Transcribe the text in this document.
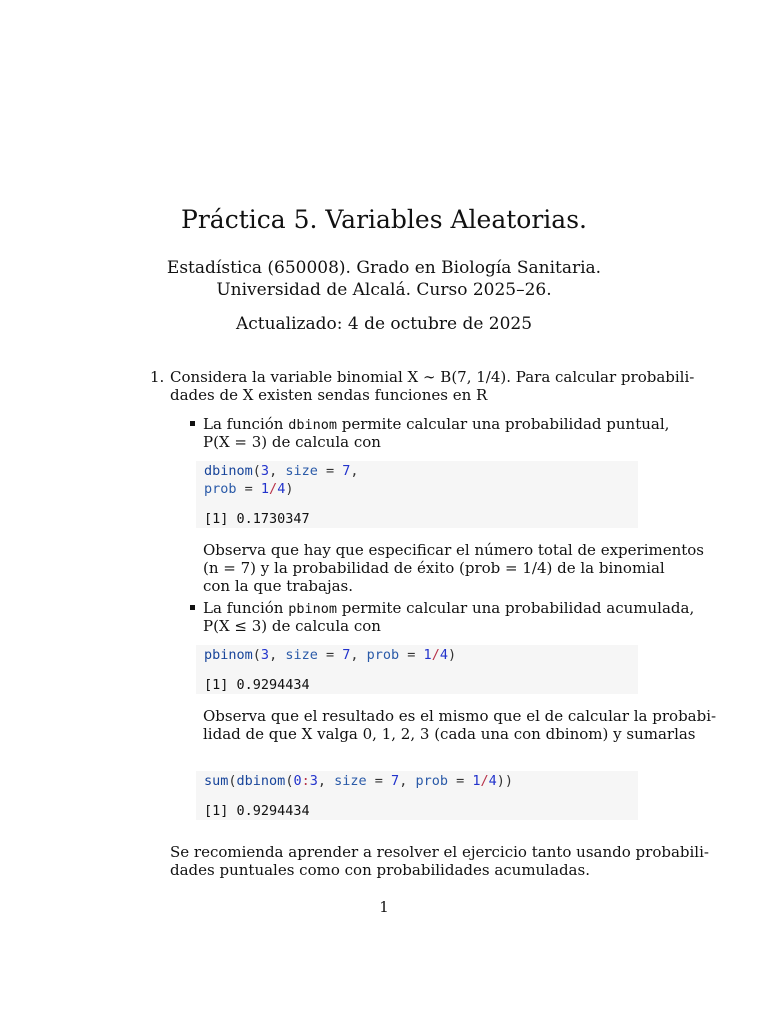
Práctica 5. Variables Aleatorias.
Estadística (650008). Grado en Biología Sanitaria.
Universidad de Alcalá. Curso 2025–26.
Actualizado: 4 de octubre de 2025
1. Considera la variable binomial X ∼ B(7, 1/4). Para calcular probabili-
dades de X existen sendas funciones en R
La función dbinom permite calcular una probabilidad puntual,
P(X = 3) de calcula con
dbinom(3, size = 7,
prob = 1/4)
[1] 0.1730347
Observa que hay que especificar el número total de experimentos
(n = 7) y la probabilidad de éxito (prob = 1/4) de la binomial
con la que trabajas.
La función pbinom permite calcular una probabilidad acumulada,
P(X ≤ 3) de calcula con
pbinom(3, size = 7, prob = 1/4)
[1] 0.9294434
Observa que el resultado es el mismo que el de calcular la probabi-
lidad de que X valga 0, 1, 2, 3 (cada una con dbinom) y sumarlas
sum(dbinom(0:3, size = 7, prob = 1/4))
[1] 0.9294434
Se recomienda aprender a resolver el ejercicio tanto usando probabili-
dades puntuales como con probabilidades acumuladas.
1
